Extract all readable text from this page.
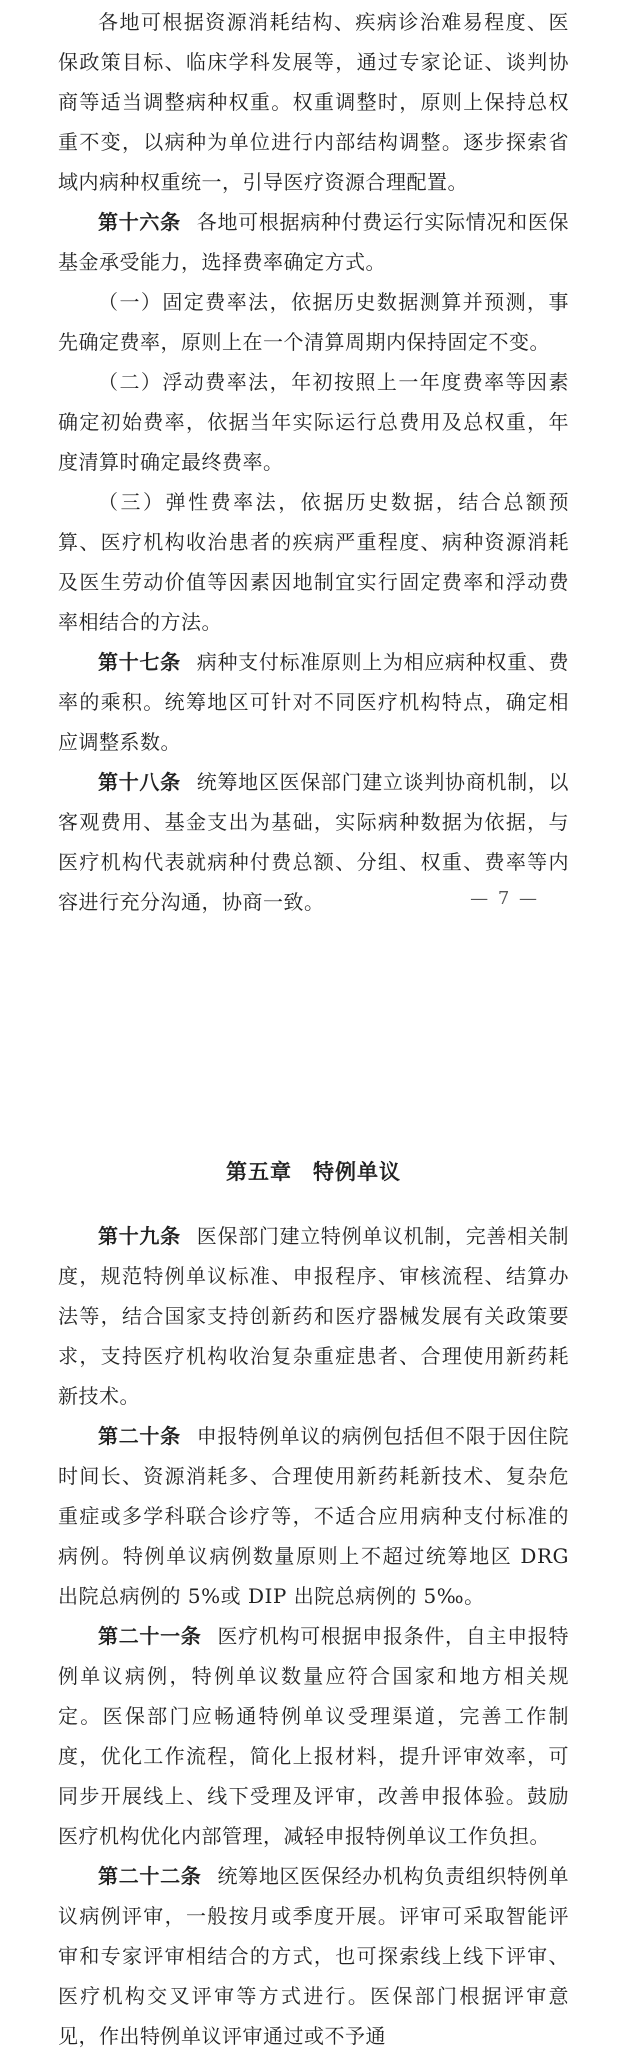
各地可根据资源消耗结构、疾病诊治难易程度、医保政策目标、临床学科发展等，通过专家论证、谈判协商等适当调整病种权重。权重调整时，原则上保持总权重不变，以病种为单位进行内部结构调整。逐步探索省域内病种权重统一，引导医疗资源合理配置。

第十六条 各地可根据病种付费运行实际情况和医保基金承受能力，选择费率确定方式。

（一）固定费率法，依据历史数据测算并预测，事先确定费率，原则上在一个清算周期内保持固定不变。

（二）浮动费率法，年初按照上一年度费率等因素确定初始费率，依据当年实际运行总费用及总权重，年度清算时确定最终费率。

（三）弹性费率法，依据历史数据，结合总额预算、医疗机构收治患者的疾病严重程度、病种资源消耗及医生劳动价值等因素因地制宜实行固定费率和浮动费率相结合的方法。

第十七条 病种支付标准原则上为相应病种权重、费率的乘积。统筹地区可针对不同医疗机构特点，确定相应调整系数。

第十八条 统筹地区医保部门建立谈判协商机制，以客观费用、基金支出为基础，实际病种数据为依据，与医疗机构代表就病种付费总额、分组、权重、费率等内容进行充分沟通，协商一致。	— 7 —
第五章 特例单议

第十九条 医保部门建立特例单议机制，完善相关制度，规范特例单议标准、申报程序、审核流程、结算办法等，结合国家支持创新药和医疗器械发展有关政策要求，支持医疗机构收治复杂重症患者、合理使用新药耗新技术。

第二十条 申报特例单议的病例包括但不限于因住院时间长、资源消耗多、合理使用新药耗新技术、复杂危重症或多学科联合诊疗等，不适合应用病种支付标准的病例。特例单议病例数量原则上不超过统筹地区 DRG 出院总病例的 5%或 DIP 出院总病例的 5‰。

第二十一条 医疗机构可根据申报条件，自主申报特例单议病例，特例单议数量应符合国家和地方相关规定。医保部门应畅通特例单议受理渠道，完善工作制度，优化工作流程，简化上报材料，提升评审效率，可同步开展线上、线下受理及评审，改善申报体验。鼓励医疗机构优化内部管理，减轻申报特例单议工作负担。

第二十二条 统筹地区医保经办机构负责组织特例单议病例评审，一般按月或季度开展。评审可采取智能评审和专家评审相结合的方式，也可探索线上线下评审、医疗机构交叉评审等方式进行。医保部门根据评审意见，作出特例单议评审通过或不予通
